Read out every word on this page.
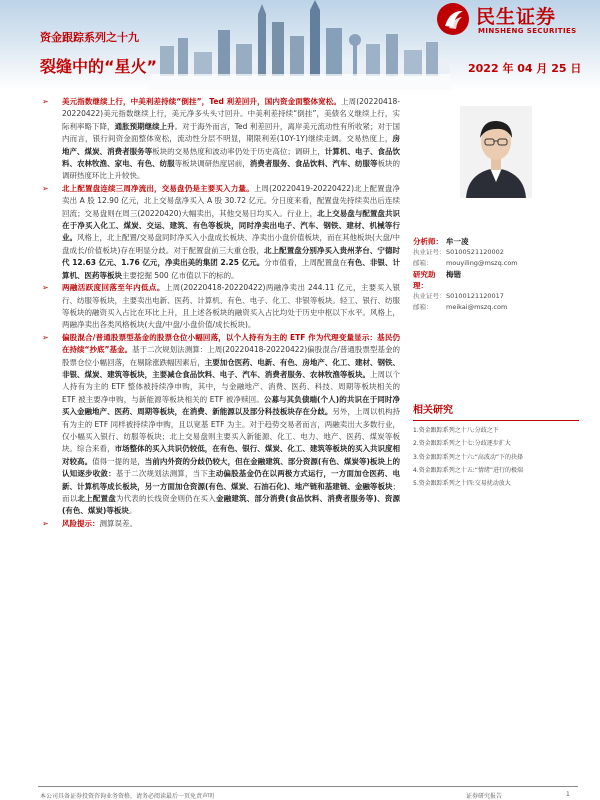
民生证券
MINSHENG SECURITIES
资金跟踪系列之十九
裂缝中的“星火”	2022 年 04 月 25 日
➢ 美元指数继续上行，中美利差持续“倒挂”，Ted 利差回升，国内资金面整体宽松。上周(20220418-20220422)美元指数继续上行，美元净多头头寸回升。中美利差持续“倒挂”，美债名义继续上行，实际利率略下降，通胀预期继续上升。对于海外而言，Ted 利差回升，离岸美元流动性有所收紧；对于国内而言，银行间资金面整体宽松，流动性分层不明显，期限利差(10Y-1Y)继续走阔。交易热度上，房地产、煤炭、消费者服务等板块的交易热度和波动率仍处于历史高位；调研上，计算机、电子、食品饮料、农林牧渔、家电、有色、纺服等板块调研热度居前，消费者服务、食品饮料、汽车、纺服等板块的调研热度环比上升较快。
➢ 北上配置盘连续三周净流出，交易盘仍是主要买入力量。上周(20220419-20220422)北上配置盘净卖出 A 股 12.90 亿元，北上交易盘净买入 A 股 30.72 亿元。分日度来看，配置盘先持续卖出后连续回流；交易盘则在周三(20220420)大幅卖出，其他交易日均买入。行业上，北上交易盘与配置盘共识在于净买入化工、煤炭、交运、建筑、有色等板块，同时净卖出电子、汽车、钢铁、建材、机械等行业。风格上，北上配置/交易盘同时净买入小盘成长板块、净卖出小盘价值板块，而在其他板块(大盘/中盘成长/价值板块)存在明显分歧。对于配置盘前三大重仓股，北上配置盘分别净买入贵州茅台、宁德时代 12.63 亿元、1.76 亿元，净卖出美的集团 2.25 亿元。分市值看，上周配置盘在有色、非银、计算机、医药等板块主要挖掘 500 亿市值以下的标的。
➢ 两融活跃度回落至年内低点。上周(20220418-20220422)两融净卖出 244.11 亿元，主要买入银行、纺服等板块，主要卖出电新、医药、计算机、有色、电子、化工、非银等板块。轻工、银行、纺服等板块的融资买入占比在环比上升，且上述各板块的融资买入占比均处于历史中枢以下水平。风格上，两融净卖出各类风格板块(大盘/中盘/小盘价值/成长板块)。
➢ 偏股混合/普通股票型基金的股票仓位小幅回落，以个人持有为主的 ETF 作为代理变量显示：基民仍在持续“抄底”基金。基于二次规划法测算：上周(20220418-20220422)偏股混合/普通股票型基金的股票仓位小幅回落，在剔除涨跌幅因素后，主要加仓医药、电新、有色、房地产、化工、建材、钢铁、非银、煤炭、建筑等板块，主要减仓食品饮料、电子、汽车、消费者服务、农林牧渔等板块。上周以个人持有为主的 ETF 整体被持续净申购，其中，与金融地产、消费、医药、科技、周期等板块相关的 ETF 被主要净申购，与新能源等板块相关的 ETF 被净赎回。公募与其负债端(个人)的共识在于同时净买入金融地产、医药、周期等板块，在消费、新能源以及部分科技板块存在分歧。另外，上周以机构持有为主的 ETF 同样被持续净申购，且以宽基 ETF 为主。对于趋势交易者而言，两融卖出大多数行业，仅小幅买入银行、纺服等板块；北上交易盘则主要买入新能源、化工、电力、地产、医药、煤炭等板块。综合来看，市场整体的买入共识仍较低，在有色、银行、煤炭、化工、建筑等板块的买入共识度相对较高。值得一提的是，当前内外资的分歧仍较大，但在金融建筑、部分资源(有色、煤炭等)板块上的认知逐步收敛：基于二次规划法测算，当下主动偏股基金仍在以两极方式运行，一方面加仓医药、电新、计算机等成长板块，另一方面加仓资源(有色、煤炭、石油石化)、地产链和基建链、金融等板块；而以北上配置盘为代表的长线资金则仍在买入金融建筑、部分消费(食品饮料、消费者服务等)、资源(有色、煤炭)等板块。
➢ 风险提示：测算误差。
分析师： 牟一凌
执业证号： S0100521120002
邮箱：	mouyiling@mszq.com
研究助理：
梅锴
执业证号： S0100121120017
邮箱：	meikai@mszq.com
相关研究
1.资金跟踪系列之十八:分歧之下
2.资金跟踪系列之十七:分歧逐步扩大
3.资金跟踪系列之十六:“高波动”下的抉择
4.资金跟踪系列之十五:“情绪”进行的极端
5.资金跟踪系列之十四:交易扰动放大
本公司具备证券投资咨询业务资格，请务必阅读最后一页免责声明	证券研究报告	1
